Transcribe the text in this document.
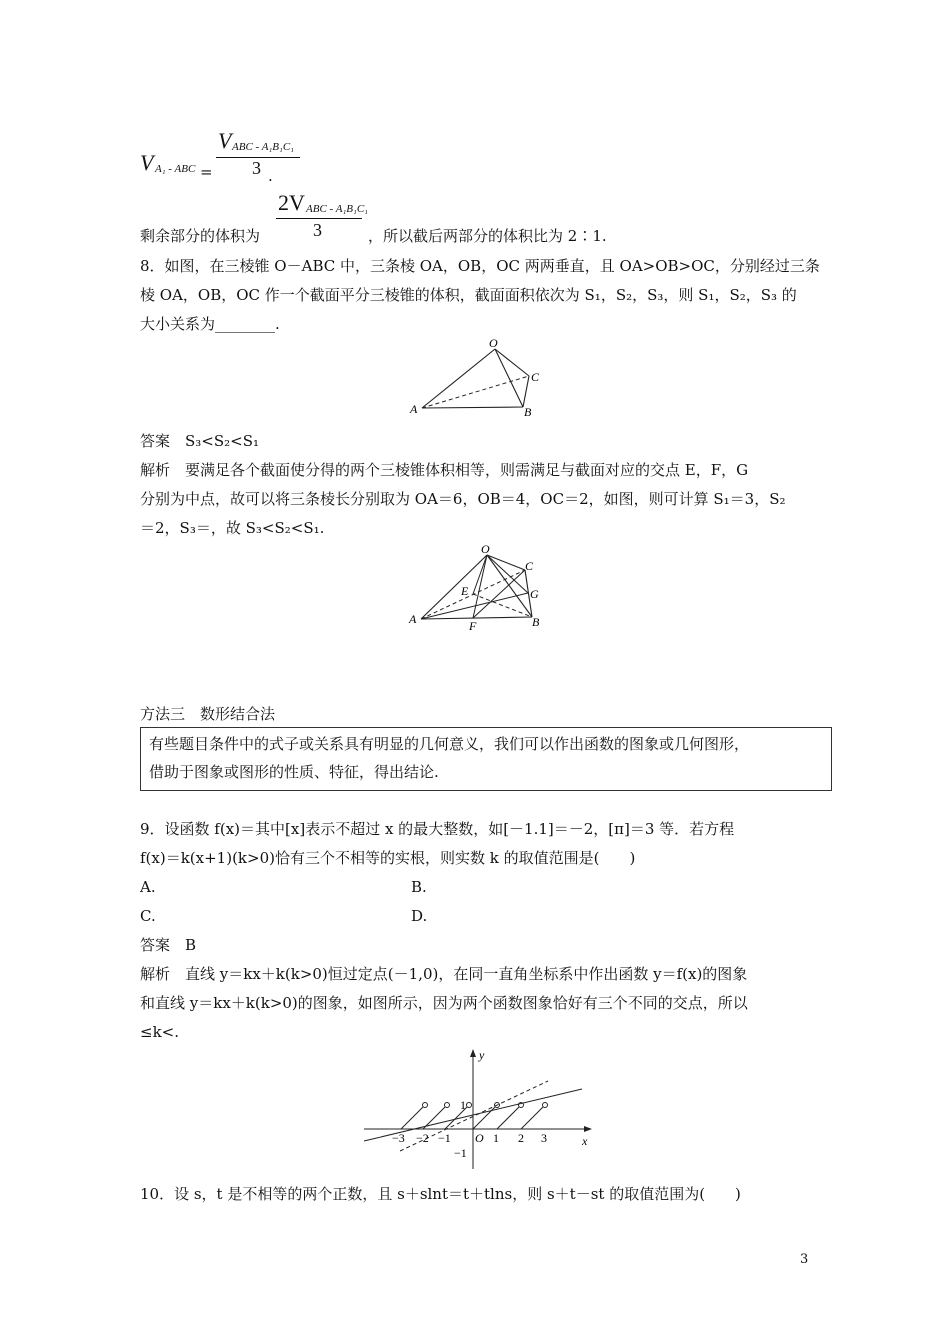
V A₁ - ABC =
V ABC - A₁B₁C₁
3 .
剩余部分的体积为
2V ABC - A₁B₁C₁
3	，所以截后两部分的体积比为 2∶1.
8．如图，在三棱锥 O－ABC 中，三条棱 OA，OB，OC 两两垂直，且 OA>OB>OC，分别经过三条
棱 OA，OB，OC 作一个截面平分三棱锥的体积，截面面积依次为 S₁，S₂，S₃，则 S₁，S₂，S₃ 的
大小关系为________.
O
A	B
C
答案　S₃<S₂<S₁
解析　要满足各个截面使分得的两个三棱锥体积相等，则需满足与截面对应的交点 E，F，G
分别为中点，故可以将三条棱长分别取为 OA＝6，OB＝4，OC＝2，如图，则可计算 S₁＝3，S₂
＝2，S₃＝，故 S₃<S₂<S₁.
O
A	B
C
E
F
G
方法三　数形结合法
有些题目条件中的式子或关系具有明显的几何意义，我们可以作出函数的图象或几何图形，
借助于图象或图形的性质、特征，得出结论.
9．设函数 f(x)＝其中[x]表示不超过 x 的最大整数，如[－1.1]＝－2，[π]＝3 等．若方程
f(x)＝k(x+1)(k>0)恰有三个不相等的实根，则实数 k 的取值范围是(　　)
A.	B.
C.	D.
答案　B
解析　直线 y＝kx＋k(k>0)恒过定点(－1,0)，在同一直角坐标系中作出函数 y＝f(x)的图象
和直线 y＝kx＋k(k>0)的图象，如图所示，因为两个函数图象恰好有三个不同的交点，所以
≤k<.
y
x
1
−1
O
−3 −2 −1	1 2 3
10．设 s，t 是不相等的两个正数，且 s＋slnt＝t＋tlns，则 s＋t－st 的取值范围为(　　)
3
